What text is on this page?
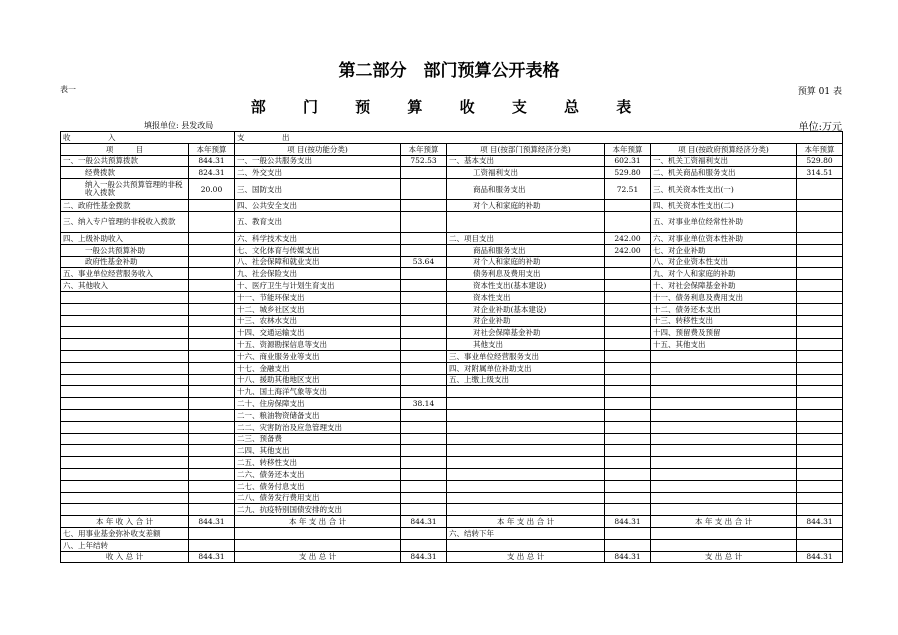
第二部分　部门预算公开表格
表一	预算 01 表
部 门 预 算 收 支 总 表
填报单位: 县发改局	单位:万元
收　　　　　入		支　　　　　出					
项　　　目	本年预算	项 目(按功能分类)	本年预算	项 目(按部门预算经济分类)	本年预算	项 目(按政府预算经济分类)	本年预算
一、一般公共预算拨款	844.31	一、一般公共服务支出	752.53	一、基本支出	602.31	一、机关工资福利支出	529.80
经费拨款	824.31	二、外交支出		工资福利支出	529.80	二、机关商品和服务支出	314.51
纳入一般公共预算管理的非税收入拨款	20.00	三、国防支出		商品和服务支出	72.51	三、机关资本性支出(一)	
二、政府性基金拨款		四、公共安全支出		对个人和家庭的补助		四、机关资本性支出(二)	
三、纳入专户管理的非税收入拨款		五、教育支出				五、对事业单位经常性补助	
四、上级补助收入		六、科学技术支出		二、项目支出	242.00	六、对事业单位资本性补助	
一般公共预算补助		七、文化体育与传媒支出		商品和服务支出	242.00	七、对企业补助	
政府性基金补助		八、社会保障和就业支出	53.64	对个人和家庭的补助		八、对企业资本性支出	
五、事业单位经营服务收入		九、社会保险支出		债务利息及费用支出		九、对个人和家庭的补助	
六、其他收入		十、医疗卫生与计划生育支出		资本性支出(基本建设)		十、对社会保障基金补助	
		十一、节能环保支出		资本性支出		十一、债务利息及费用支出	
		十二、城乡社区支出		对企业补助(基本建设)		十二、债务还本支出	
		十三、农林水支出		对企业补助		十三、转移性支出	
		十四、交通运输支出		对社会保障基金补助		十四、预留费及预留	
		十五、资源勘探信息等支出		其他支出		十五、其他支出	
		十六、商业服务业等支出		三、事业单位经营服务支出			
		十七、金融支出		四、对附属单位补助支出			
		十八、援助其他地区支出		五、上缴上级支出			
		十九、国土海洋气象等支出					
		二十、住房保障支出	38.14				
		二一、粮油物资储备支出					
		二二、灾害防治及应急管理支出					
		二三、预备费					
		二四、其他支出					
		二五、转移性支出					
		二六、债务还本支出					
		二七、债务付息支出					
		二八、债务发行费用支出					
		二九、抗疫特别国债安排的支出					
本 年 收 入 合 计	844.31	本 年 支 出 合 计	844.31	本 年 支 出 合 计	844.31	本 年 支 出 合 计	844.31
七、用事业基金弥补收支差额				六、结转下年			
八、上年结转							
收 入 总 计	844.31	支 出 总 计	844.31	支 出 总 计	844.31	支 出 总 计	844.31
